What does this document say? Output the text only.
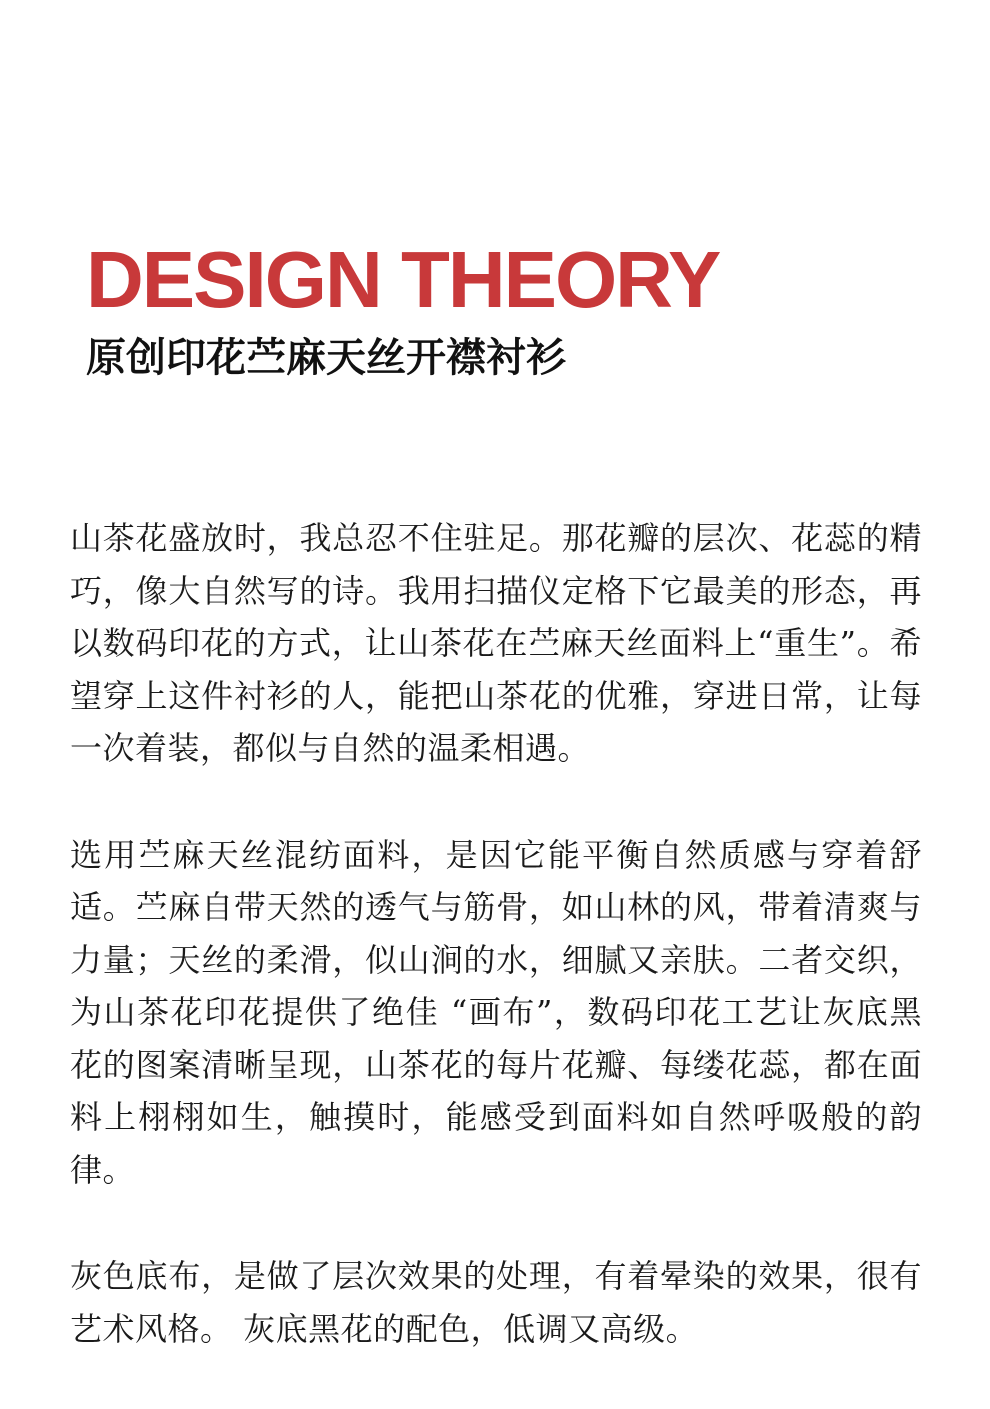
DESIGN THEORY
原创印花苎麻天丝开襟衬衫

山茶花盛放时，我总忍不住驻足。那花瓣的层次、花蕊的精巧，像大自然写的诗。我用扫描仪定格下它最美的形态，再以数码印花的方式，让山茶花在苎麻天丝面料上“重生”。希望穿上这件衬衫的人，能把山茶花的优雅，穿进日常，让每一次着装，都似与自然的温柔相遇。

选用苎麻天丝混纺面料，是因它能平衡自然质感与穿着舒适。苎麻自带天然的透气与筋骨，如山林的风，带着清爽与力量；天丝的柔滑，似山涧的水，细腻又亲肤。二者交织，为山茶花印花提供了绝佳 “画布”，数码印花工艺让灰底黑花的图案清晰呈现，山茶花的每片花瓣、每缕花蕊，都在面料上栩栩如生，触摸时，能感受到面料如自然呼吸般的韵律。

灰色底布，是做了层次效果的处理，有着晕染的效果，很有艺术风格。 灰底黑花的配色，低调又高级。
